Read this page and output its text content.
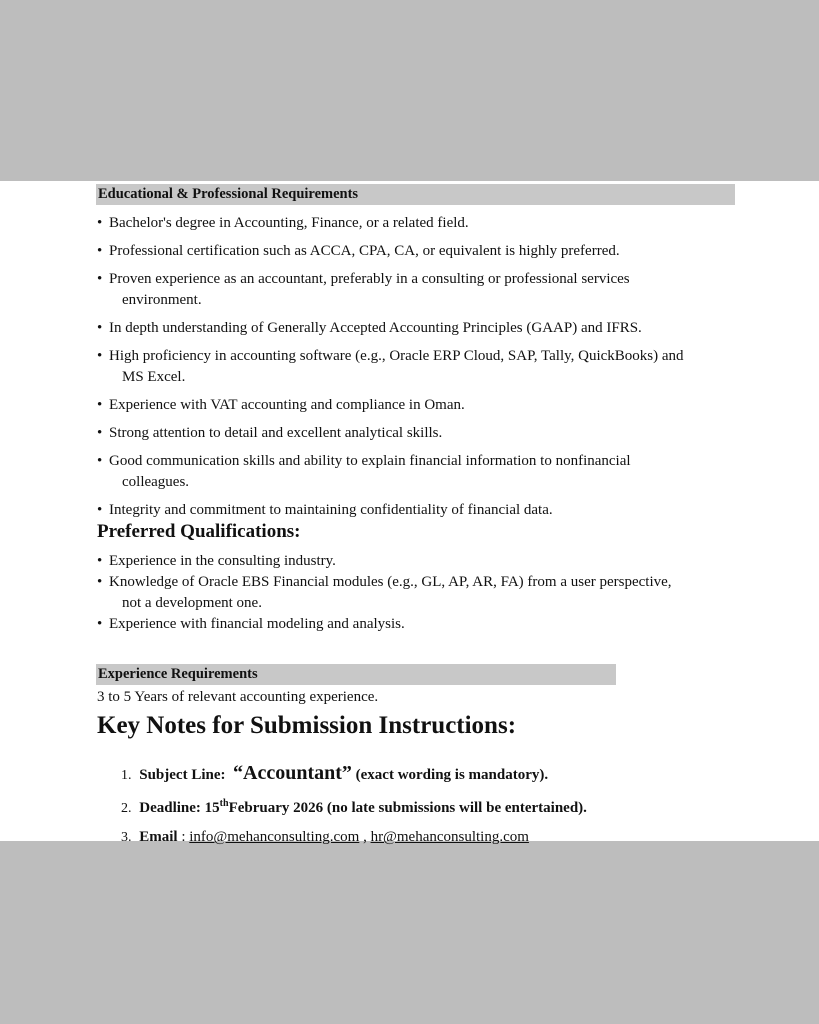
Educational & Professional Requirements
• Bachelor's degree in Accounting, Finance, or a related field.
• Professional certification such as ACCA, CPA, CA, or equivalent is highly preferred.
• Proven experience as an accountant, preferably in a consulting or professional services
environment.
• In depth understanding of Generally Accepted Accounting Principles (GAAP) and IFRS.
• High proficiency in accounting software (e.g., Oracle ERP Cloud, SAP, Tally, QuickBooks) and
MS Excel.
• Experience with VAT accounting and compliance in Oman.
• Strong attention to detail and excellent analytical skills.
• Good communication skills and ability to explain financial information to nonfinancial
colleagues.
• Integrity and commitment to maintaining confidentiality of financial data.
Preferred Qualifications:
• Experience in the consulting industry.
• Knowledge of Oracle EBS Financial modules (e.g., GL, AP, AR, FA) from a user perspective,
not a development one.
• Experience with financial modeling and analysis.
Experience Requirements

3 to 5 Years of relevant accounting experience.

Key Notes for Submission Instructions:
1. Subject Line: “Accountant” (exact wording is mandatory).
2. Deadline: 15thFebruary 2026 (no late submissions will be entertained).
3. Email : info@mehanconsulting.com , hr@mehanconsulting.com
